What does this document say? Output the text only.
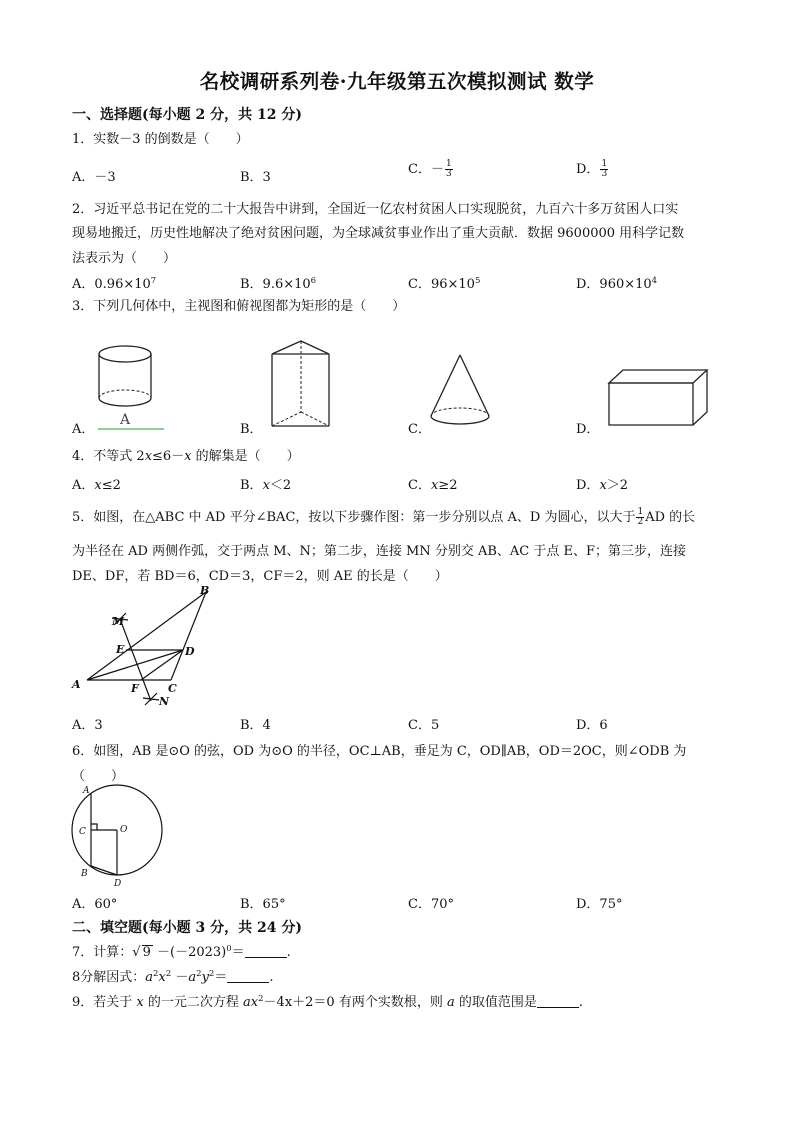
名校调研系列卷·九年级第五次模拟测试 数学
一、选择题(每小题 2 分，共 12 分)
1．实数－3 的倒数是（　　）
A．－3	B．3
C．－ $\frac{1}{3}$	D． $\frac{1}{3}$
2．习近平总书记在党的二十大报告中讲到，全国近一亿农村贫困人口实现脱贫，九百六十多万贫困人口实
现易地搬迁，历史性地解决了绝对贫困问题，为全球减贫事业作出了重大贡献．数据 9600000 用科学记数
法表示为（　　）
A．$0.96\times 10^7$	B．$9.6\times 10^6$	C．$96\times 10^5$	D．$960\times 10^4$
3．下列几何体中，主视图和俯视图都为矩形的是（　　）
A
A．	B．	C．	D．
4．不等式 2x≤6－x 的解集是（　　）
A．x≤2	B．x＜2	C．x≥2	D．x＞2
5．如图，在△ABC 中 AD 平分∠BAC，按以下步骤作图：第一步分别以点 A、D 为圆心，以大于 $\frac{1}{2}$ AD 的长
为半径在 AD 两侧作弧，交于两点 M、N；第二步，连接 MN 分别交 AB、AC 于点 E、F；第三步，连接
DE、DF，若 BD＝6，CD＝3，CF＝2，则 AE 的长是（　　）
A
B
C
D
E
F
M
N
A．3	B．4	C．5	D．6
6．如图，AB 是⊙O 的弦，OD 为⊙O 的半径，OC⊥AB，垂足为 C，OD∥AB，OD＝2OC，则∠ODB 为
（　　）
A
B
C
D
O
A．60°	B．65°	C．70°	D．75°
二、填空题(每小题 3 分，共 24 分)
7．计算：√ $9 -(-2023)^0=$	.
8分解因式：$a^2x^2 -a^2y^2=$	.
9．若关于 x 的一元二次方程 $ax^2-4x+2=0$ 有两个实数根，则 a 的取值范围是	.
